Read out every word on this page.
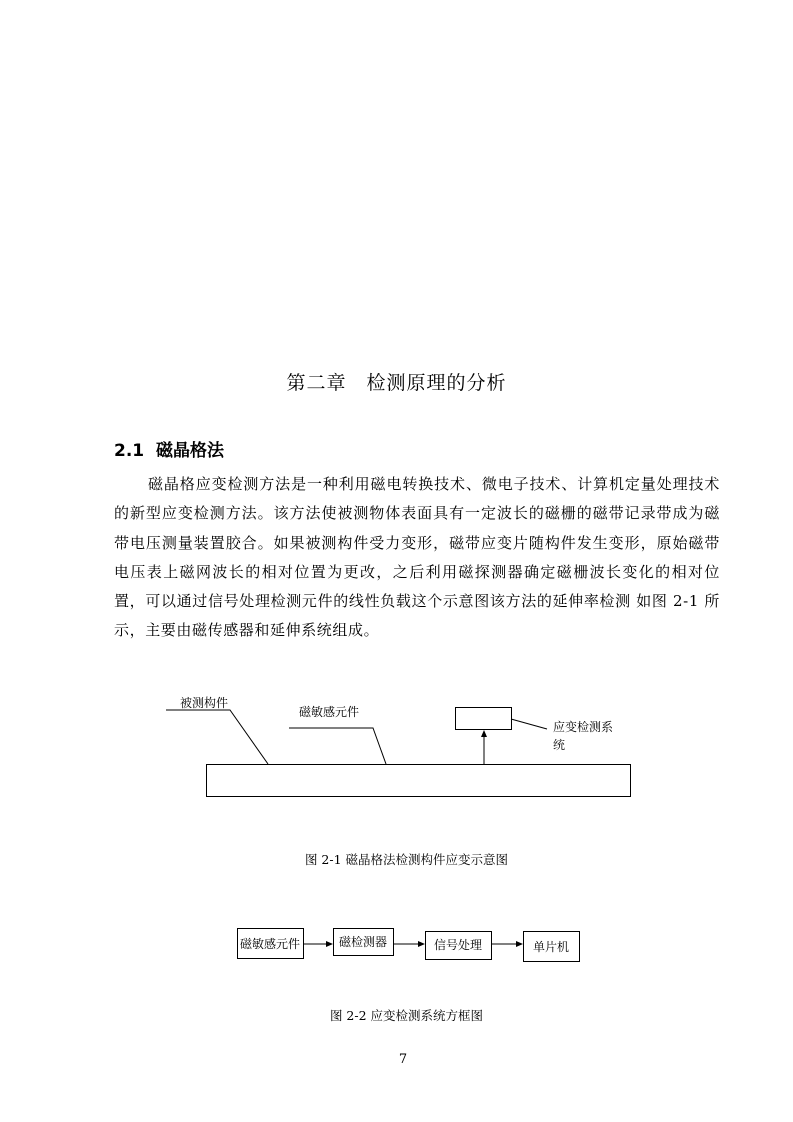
第二章　检测原理的分析
2.1 磁晶格法
磁晶格应变检测方法是一种利用磁电转换技术、微电子技术、计算机定量处理技术的新型应变检测方法。该方法使被测物体表面具有一定波长的磁栅的磁带记录带成为磁带电压测量装置胶合。如果被测构件受力变形，磁带应变片随构件发生变形，原始磁带电压表上磁网波长的相对位置为更改，之后利用磁探测器确定磁栅波长变化的相对位置，可以通过信号处理检测元件的线性负载这个示意图该方法的延伸率检测 如图 2-1 所示，主要由磁传感器和延伸系统组成。
被测构件
磁敏感元件
应变检测系
统
图 2-1 磁晶格法检测构件应变示意图
磁敏感元件	磁检测器	信号处理	单片机
图 2-2 应变检测系统方框图
7
